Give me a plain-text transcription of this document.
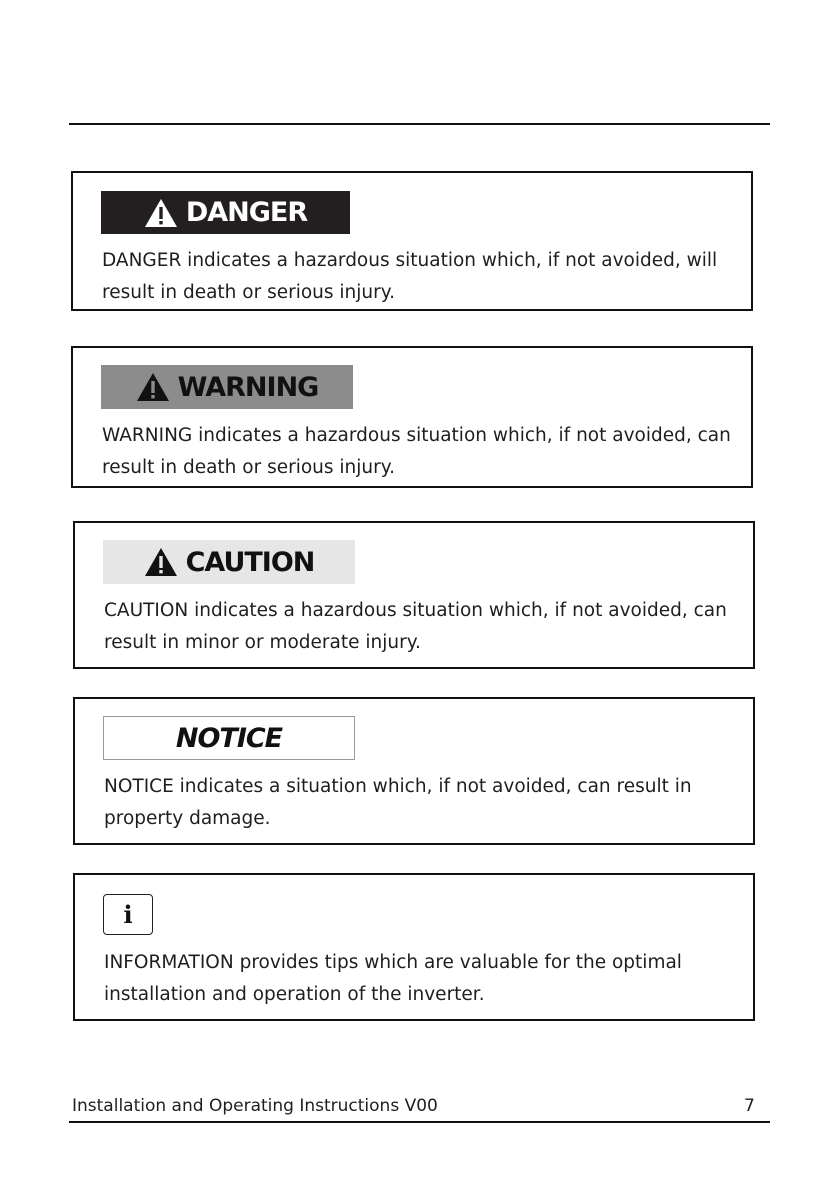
DANGER
DANGER indicates a hazardous situation which, if not avoided, will result in death or serious injury.
WARNING
WARNING indicates a hazardous situation which, if not avoided, can result in death or serious injury.
CAUTION
CAUTION indicates a hazardous situation which, if not avoided, can result in minor or moderate injury.
NOTICE
NOTICE indicates a situation which, if not avoided, can result in property damage.
i
INFORMATION provides tips which are valuable for the optimal installation and operation of the inverter.
Installation and Operating Instructions V00	7
